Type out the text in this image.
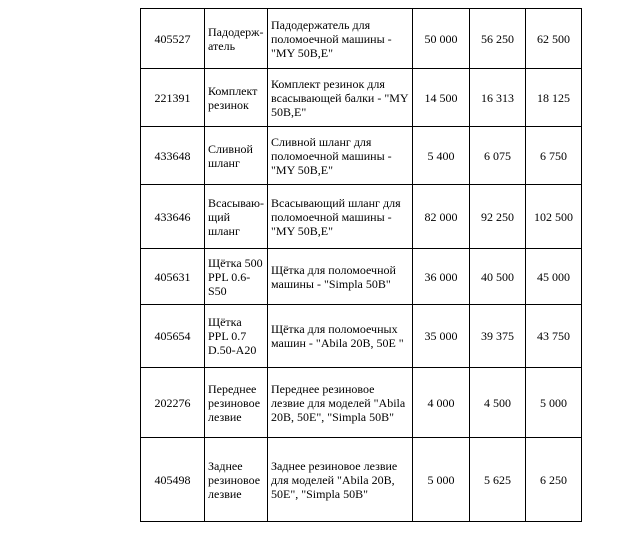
405527	Падодержатель	Падодержатель для поломоечной машины - "MY 50B,E"	50 000	56 250	62 500
221391	Комплект резинок	Комплект резинок для всасывающей балки - "MY 50B,E"	14 500	16 313	18 125
433648	Сливной шланг	Сливной шланг для поломоечной машины - "MY 50B,E"	5 400	6 075	6 750
433646	Всасывающий шланг	Всасывающий шланг для поломоечной машины - "MY 50B,E"	82 000	92 250	102 500
405631	Щётка 500 PPL 0.6-S50	Щётка для поломоечной машины - "Simpla 50B"	36 000	40 500	45 000
405654	Щётка PPL 0.7 D.50-A20	Щётка для поломоечных машин - "Abila 20B, 50E "	35 000	39 375	43 750
202276	Переднее резиновое лезвие	Переднее резиновое лезвие для моделей "Abila 20B, 50E", "Simpla 50B"	4 000	4 500	5 000
405498	Заднее резиновое лезвие	Заднее резиновое лезвие для моделей "Abila 20B, 50E", "Simpla 50B"	5 000	5 625	6 250
